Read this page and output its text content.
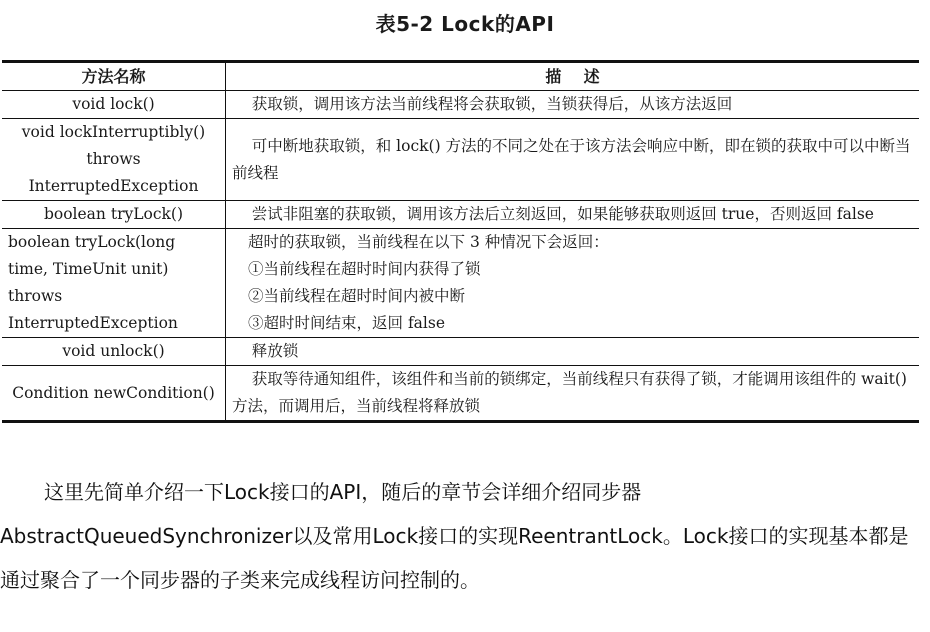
表5-2 Lock的API
方法名称	描    述
void lock()	获取锁，调用该方法当前线程将会获取锁，当锁获得后，从该方法返回
void lockInterruptibly() throws InterruptedException	可中断地获取锁，和 lock() 方法的不同之处在于该方法会响应中断，即在锁的获取中可以中断当前线程
boolean tryLock()	尝试非阻塞的获取锁，调用该方法后立刻返回，如果能够获取则返回 true，否则返回 false
boolean tryLock(long time, TimeUnit unit) throws InterruptedException	超时的获取锁，当前线程在以下 3 种情况下会返回：
①当前线程在超时时间内获得了锁
②当前线程在超时时间内被中断
③超时时间结束，返回 false

void unlock()	释放锁
Condition newCondition()	获取等待通知组件，该组件和当前的锁绑定，当前线程只有获得了锁，才能调用该组件的 wait() 方法，而调用后，当前线程将释放锁
这里先简单介绍一下Lock接口的API，随后的章节会详细介绍同步器
AbstractQueuedSynchronizer以及常用Lock接口的实现ReentrantLock。Lock接口的实现基本都是
通过聚合了一个同步器的子类来完成线程访问控制的。
